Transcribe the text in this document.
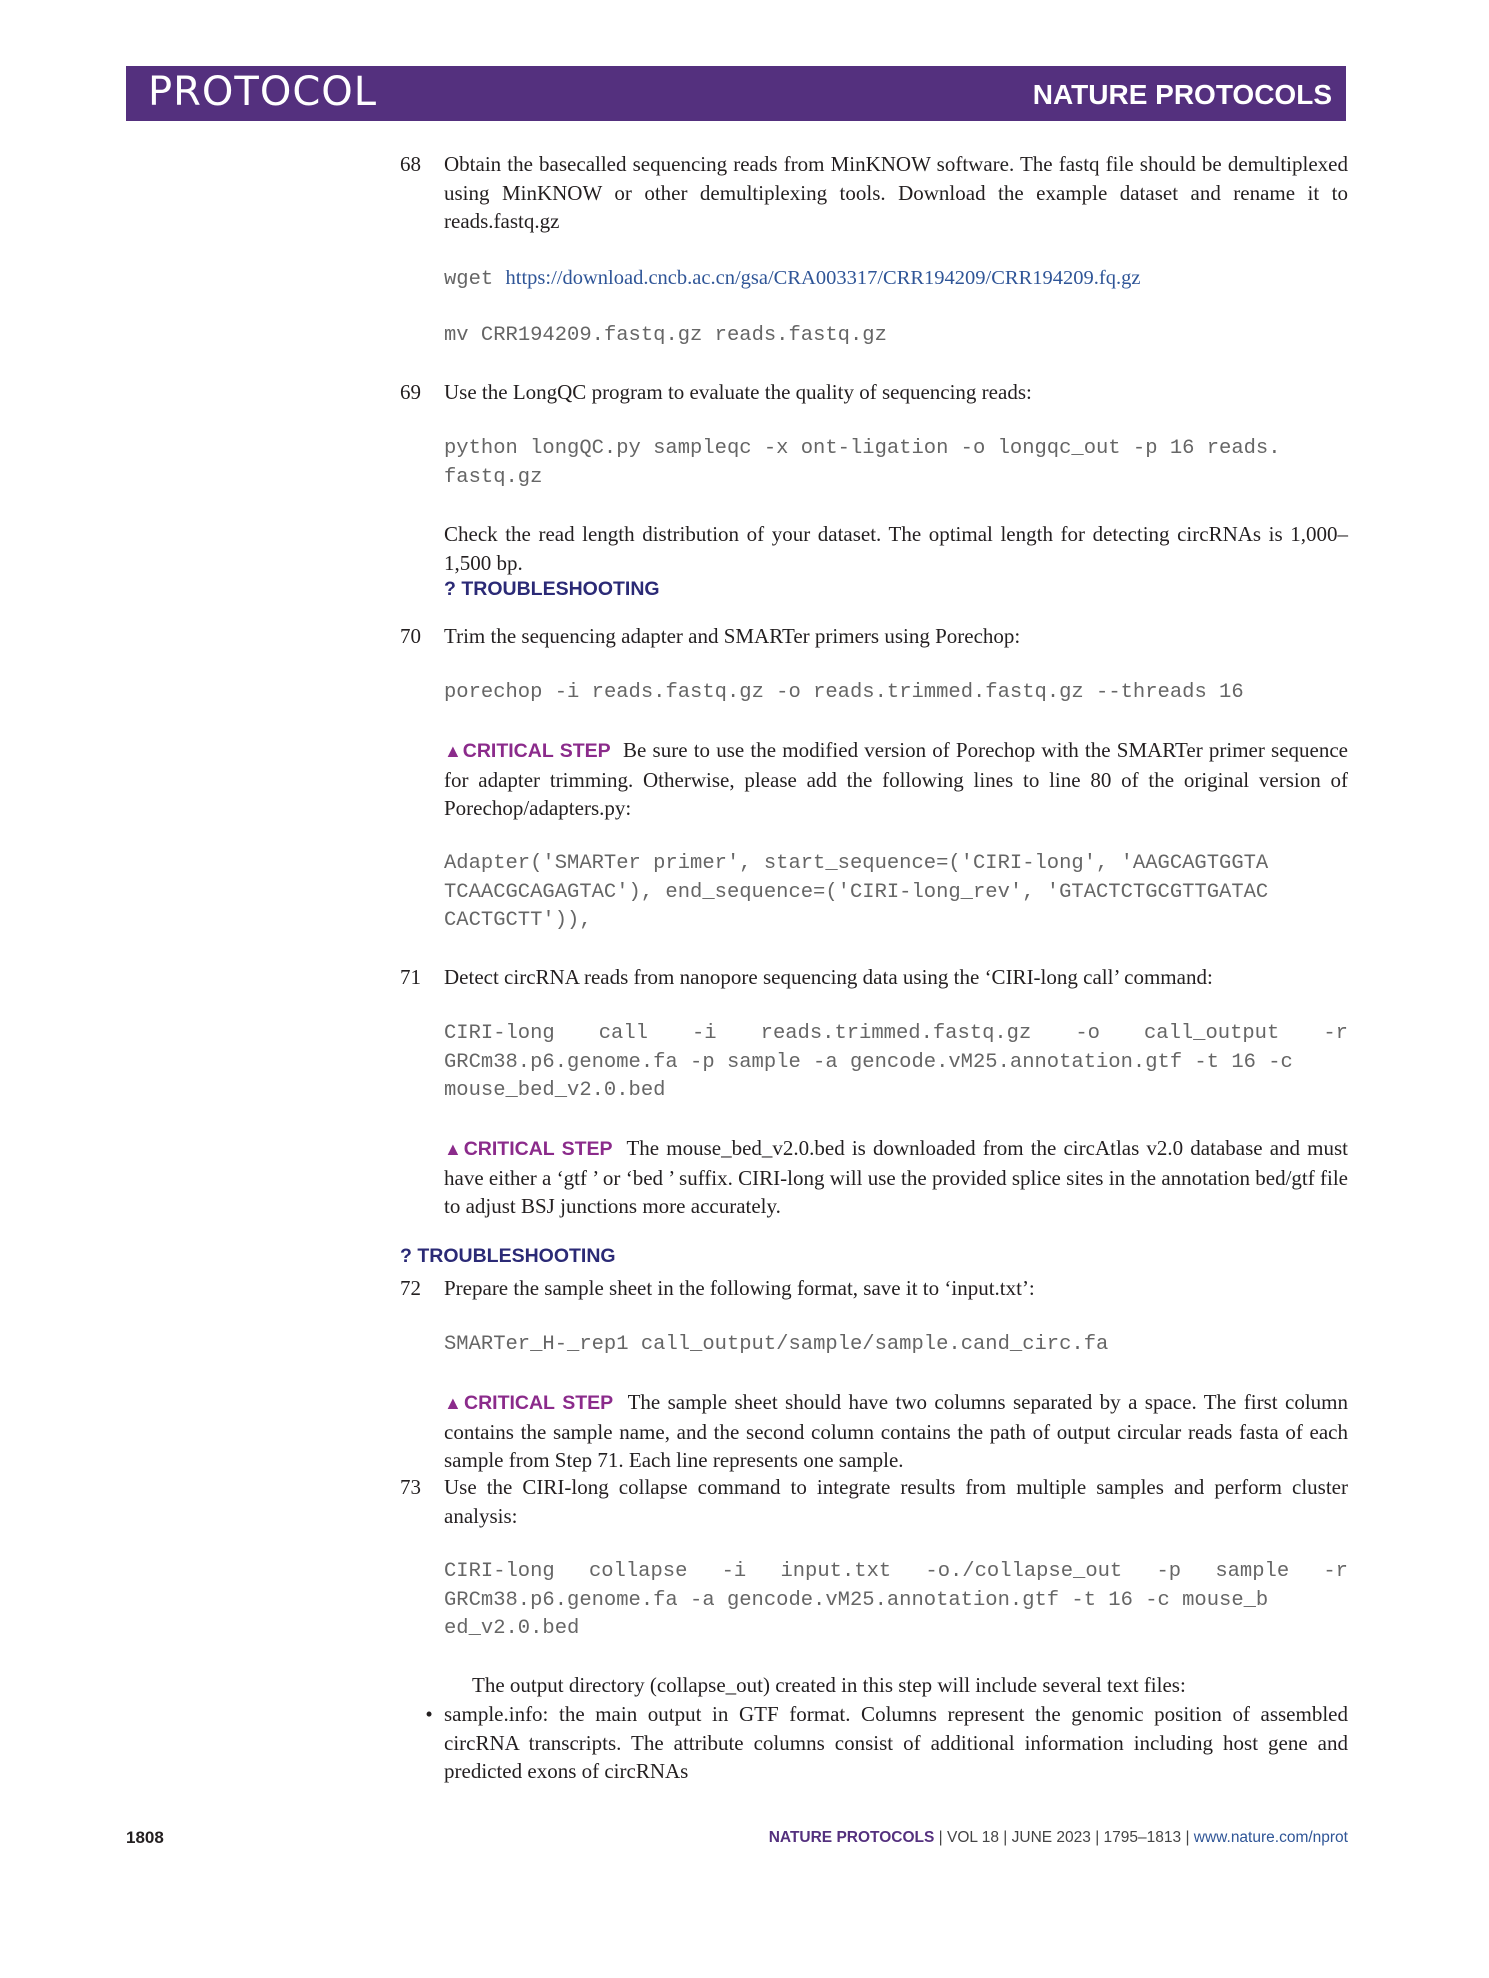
PROTOCOL	NATURE PROTOCOLS
68 Obtain the basecalled sequencing reads from MinKNOW software. The fastq file should be demultiplexed using MinKNOW or other demultiplexing tools. Download the example dataset and rename it to reads.fastq.gz
wget https://download.cncb.ac.cn/gsa/CRA003317/CRR194209/CRR194209.fq.gz
mv CRR194209.fastq.gz reads.fastq.gz
69 Use the LongQC program to evaluate the quality of sequencing reads:
python longQC.py sampleqc -x ont-ligation -o longqc_out -p 16 reads.
fastq.gz
Check the read length distribution of your dataset. The optimal length for detecting circRNAs is 1,000–1,500 bp.
? TROUBLESHOOTING
70 Trim the sequencing adapter and SMARTer primers using Porechop:
porechop -i reads.fastq.gz -o reads.trimmed.fastq.gz --threads 16
▲CRITICAL STEP Be sure to use the modified version of Porechop with the SMARTer primer sequence for adapter trimming. Otherwise, please add the following lines to line 80 of the original version of Porechop/adapters.py:
Adapter('SMARTer primer', start_sequence=('CIRI-long', 'AAGCAGTGGTA
TCAACGCAGAGTAC'), end_sequence=('CIRI-long_rev', 'GTACTCTGCGTTGATAC
CACTGCTT')),
71 Detect circRNA reads from nanopore sequencing data using the ‘CIRI-long call’ command:
CIRI-long call -i reads.trimmed.fastq.gz -o call_output -r
GRCm38.p6.genome.fa -p sample -a gencode.vM25.annotation.gtf -t 16 -c
mouse_bed_v2.0.bed
▲CRITICAL STEP The mouse_bed_v2.0.bed is downloaded from the circAtlas v2.0 database and must have either a ‘gtf ’ or ‘bed ’ suffix. CIRI-long will use the provided splice sites in the annotation bed/gtf file to adjust BSJ junctions more accurately.
? TROUBLESHOOTING
72 Prepare the sample sheet in the following format, save it to ‘input.txt’:
SMARTer_H-_rep1 call_output/sample/sample.cand_circ.fa
▲CRITICAL STEP The sample sheet should have two columns separated by a space. The first column contains the sample name, and the second column contains the path of output circular reads fasta of each sample from Step 71. Each line represents one sample.
73 Use the CIRI-long collapse command to integrate results from multiple samples and perform cluster analysis:
CIRI-long collapse -i input.txt -o./collapse_out -p sample -r
GRCm38.p6.genome.fa -a gencode.vM25.annotation.gtf -t 16 -c mouse_b
ed_v2.0.bed
The output directory (collapse_out) created in this step will include several text files:
• sample.info: the main output in GTF format. Columns represent the genomic position of assembled circRNA transcripts. The attribute columns consist of additional information including host gene and predicted exons of circRNAs
1808	NATURE PROTOCOLS | VOL 18 | JUNE 2023 | 1795–1813 | www.nature.com/nprot
